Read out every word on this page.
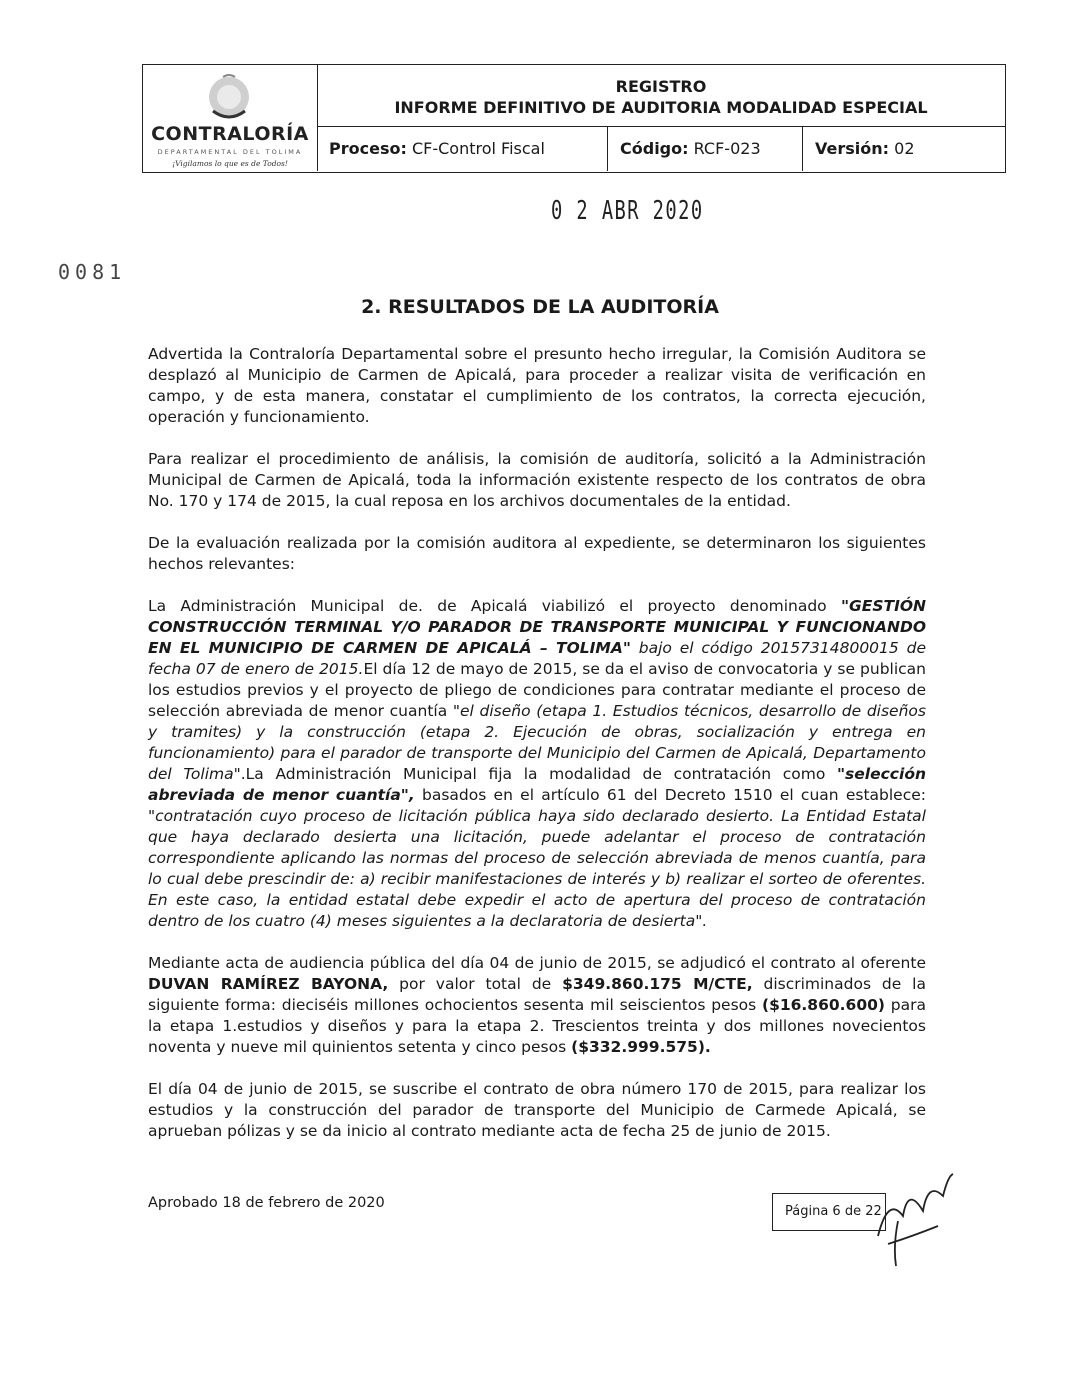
CONTRALORÍA
DEPARTAMENTAL DEL TOLIMA
¡Vigilamos lo que es de Todos!
REGISTRO
INFORME DEFINITIVO DE AUDITORIA MODALIDAD ESPECIAL
Proceso: CF-Control Fiscal	Código: RCF-023	Versión: 02
0 2 ABR 2020
0081
2. RESULTADOS DE LA AUDITORÍA

Advertida la Contraloría Departamental sobre el presunto hecho irregular, la Comisión Auditora se desplazó al Municipio de Carmen de Apicalá, para proceder a realizar visita de verificación en campo, y de esta manera, constatar el cumplimiento de los contratos, la correcta ejecución, operación y funcionamiento.

Para realizar el procedimiento de análisis, la comisión de auditoría, solicitó a la Administración Municipal de Carmen de Apicalá, toda la información existente respecto de los contratos de obra No. 170 y 174 de 2015, la cual reposa en los archivos documentales de la entidad.

De la evaluación realizada por la comisión auditora al expediente, se determinaron los siguientes hechos relevantes:

La Administración Municipal de. de Apicalá viabilizó el proyecto denominado "GESTIÓN CONSTRUCCIÓN TERMINAL Y/O PARADOR DE TRANSPORTE MUNICIPAL Y FUNCIONANDO EN EL MUNICIPIO DE CARMEN DE APICALÁ – TOLIMA" bajo el código 20157314800015 de fecha 07 de enero de 2015.El día 12 de mayo de 2015, se da el aviso de convocatoria y se publican los estudios previos y el proyecto de pliego de condiciones para contratar mediante el proceso de selección abreviada de menor cuantía "el diseño (etapa 1. Estudios técnicos, desarrollo de diseños y tramites) y la construcción (etapa 2. Ejecución de obras, socialización y entrega en funcionamiento) para el parador de transporte del Municipio del Carmen de Apicalá, Departamento del Tolima".La Administración Municipal fija la modalidad de contratación como "selección abreviada de menor cuantía", basados en el artículo 61 del Decreto 1510 el cuan establece: "contratación cuyo proceso de licitación pública haya sido declarado desierto. La Entidad Estatal que haya declarado desierta una licitación, puede adelantar el proceso de contratación correspondiente aplicando las normas del proceso de selección abreviada de menos cuantía, para lo cual debe prescindir de: a) recibir manifestaciones de interés y b) realizar el sorteo de oferentes. En este caso, la entidad estatal debe expedir el acto de apertura del proceso de contratación dentro de los cuatro (4) meses siguientes a la declaratoria de desierta".

Mediante acta de audiencia pública del día 04 de junio de 2015, se adjudicó el contrato al oferente DUVAN RAMÍREZ BAYONA, por valor total de $349.860.175 M/CTE, discriminados de la siguiente forma: dieciséis millones ochocientos sesenta mil seiscientos pesos ($16.860.600) para la etapa 1.estudios y diseños y para la etapa 2. Trescientos treinta y dos millones novecientos noventa y nueve mil quinientos setenta y cinco pesos ($332.999.575).

El día 04 de junio de 2015, se suscribe el contrato de obra número 170 de 2015, para realizar los estudios y la construcción del parador de transporte del Municipio de Carmede Apicalá, se aprueban pólizas y se da inicio al contrato mediante acta de fecha 25 de junio de 2015.

Aprobado 18 de febrero de 2020
Página 6 de 22
